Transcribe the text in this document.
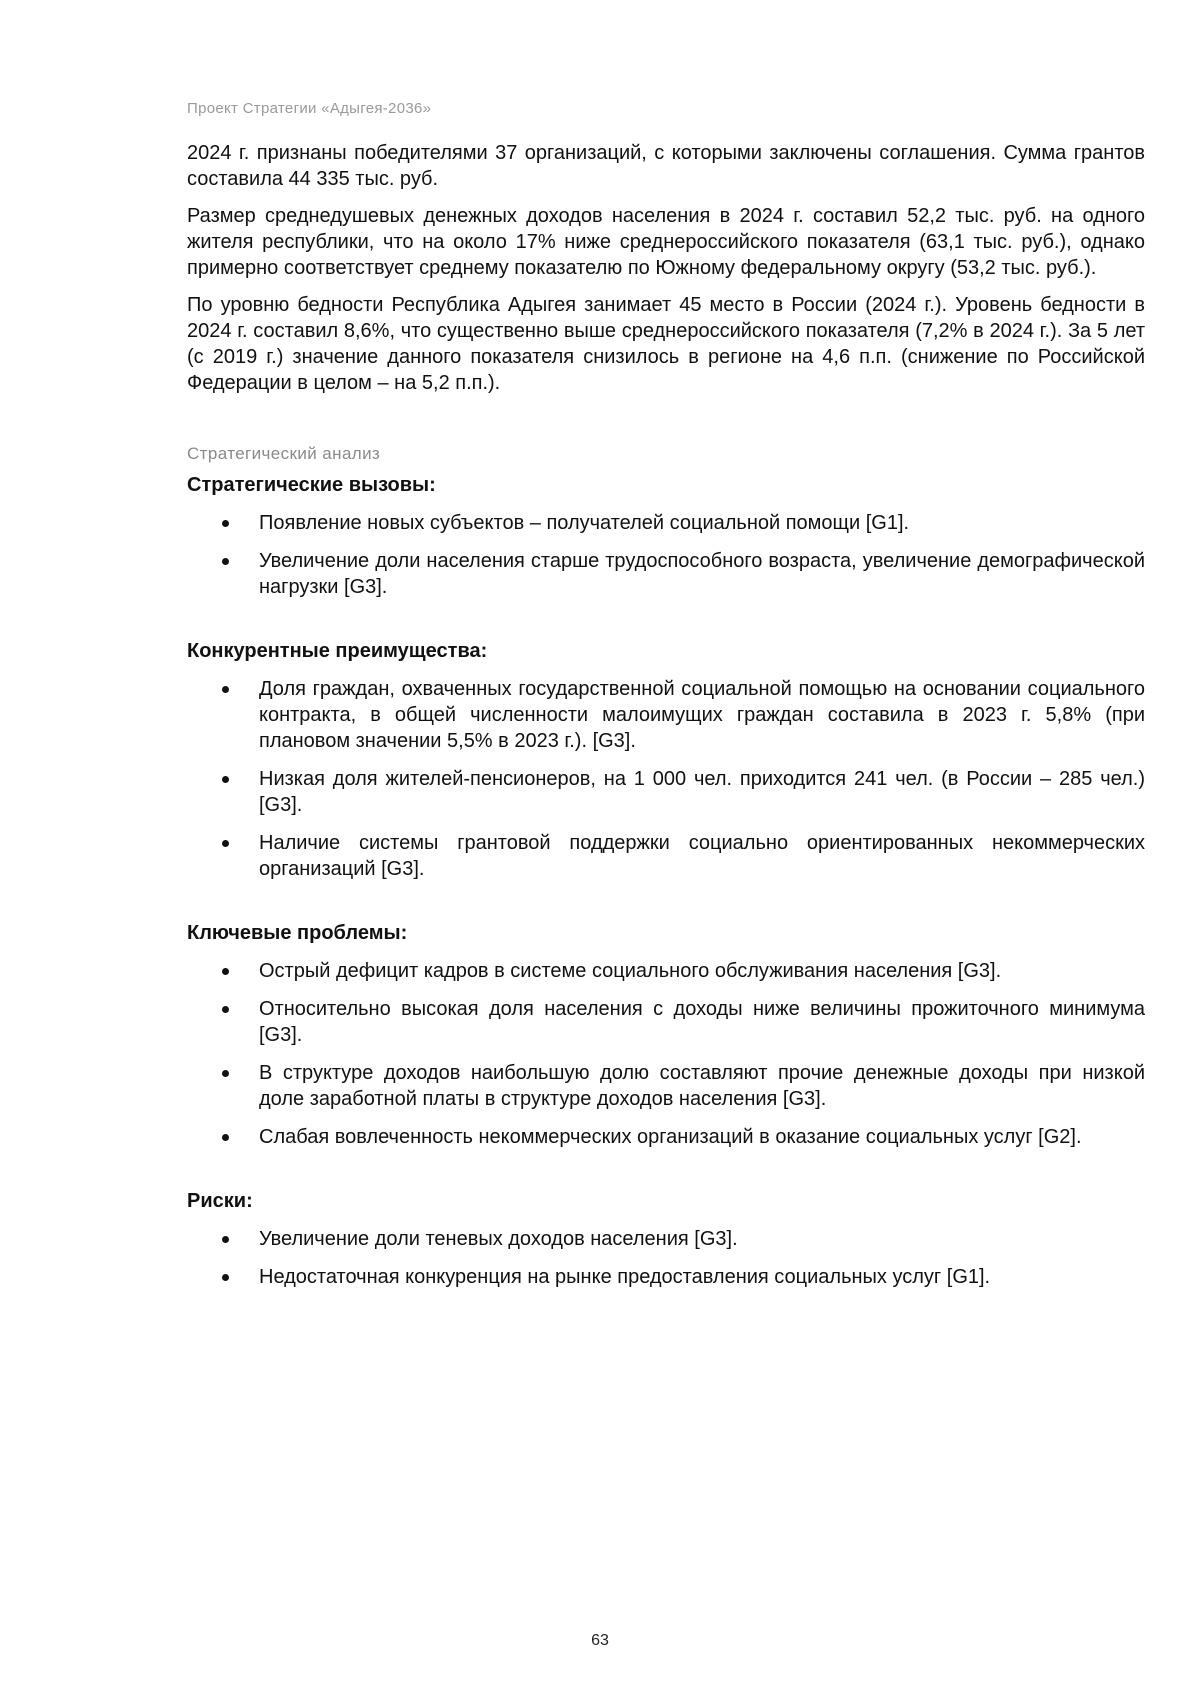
Проект Стратегии «Адыгея-2036»

2024 г. признаны победителями 37 организаций, с которыми заключены соглашения. Сумма грантов составила 44 335 тыс. руб.

Размер среднедушевых денежных доходов населения в 2024 г. составил 52,2 тыс. руб. на одного жителя республики, что на около 17% ниже среднероссийского показателя (63,1 тыс. руб.), однако примерно соответствует среднему показателю по Южному федеральному округу (53,2 тыс. руб.).

По уровню бедности Республика Адыгея занимает 45 место в России (2024 г.). Уровень бедности в 2024 г. составил 8,6%, что существенно выше среднероссийского показателя (7,2% в 2024 г.). За 5 лет (с 2019 г.) значение данного показателя снизилось в регионе на 4,6 п.п. (снижение по Российской Федерации в целом – на 5,2 п.п.).

Стратегический анализ
Стратегические вызовы:
Появление новых субъектов – получателей социальной помощи [G1].
Увеличение доли населения старше трудоспособного возраста, увеличение демографической нагрузки [G3].
Конкурентные преимущества:
Доля граждан, охваченных государственной социальной помощью на основании социального контракта, в общей численности малоимущих граждан составила в 2023 г. 5,8% (при плановом значении 5,5% в 2023 г.). [G3].
Низкая доля жителей-пенсионеров, на 1 000 чел. приходится 241 чел. (в России – 285 чел.) [G3].
Наличие системы грантовой поддержки социально ориентированных некоммерческих организаций [G3].
Ключевые проблемы:
Острый дефицит кадров в системе социального обслуживания населения [G3].
Относительно высокая доля населения с доходы ниже величины прожиточного минимума [G3].
В структуре доходов наибольшую долю составляют прочие денежные доходы при низкой доле заработной платы в структуре доходов населения [G3].
Слабая вовлеченность некоммерческих организаций в оказание социальных услуг [G2].
Риски:
Увеличение доли теневых доходов населения [G3].
Недостаточная конкуренция на рынке предоставления социальных услуг [G1].
63
